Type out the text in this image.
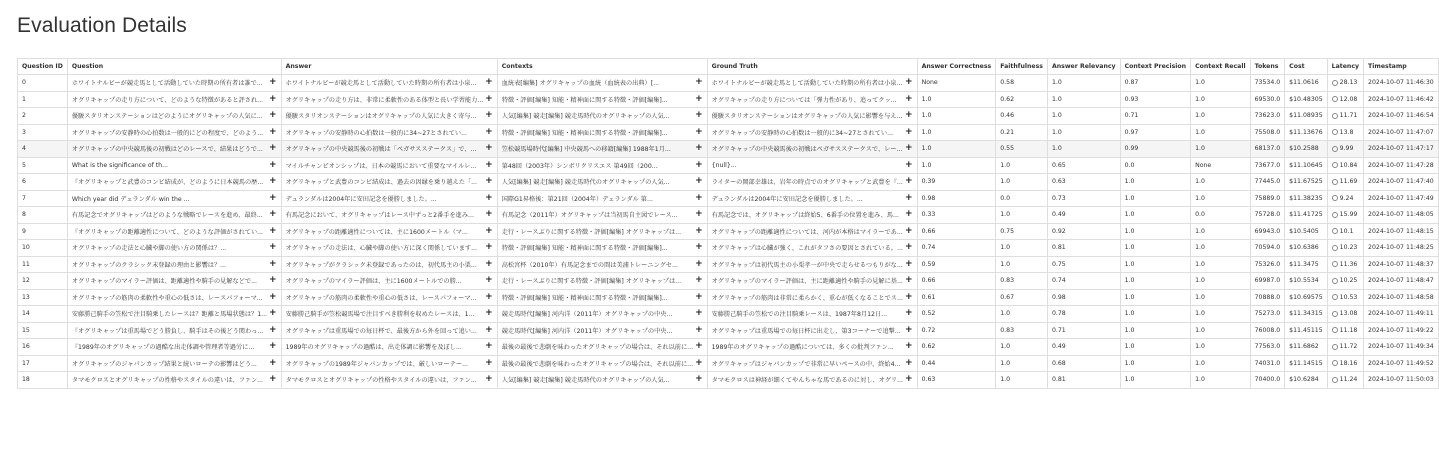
Evaluation Details
Question ID	Question	Answer	Contexts	Ground Truth	Answer Correctness	Faithfulness	Answer Relevancy	Context Precision	Context Recall	Tokens	Cost	Latency	Timestamp
0	ホワイトナルビーが競走馬として活動していた時期の所有者は誰で... +	ホワイトナルビーが競走馬として活動していた時期の所有者は小泉... +	血統表[編集] オグリキャップの血統（血統表の出典）[... +	ホワイトナルビーが競走馬として活動していた時期の所有者は小泉... +	None	0.58	1.0	0.87	1.0	73534.0	$11.0616	28.13	2024-10-07 11:46:30
1	オグリキャップの走り方について、どのような特徴があると評され... +	オグリキャップの走り方は、非常に柔軟性のある体型と長い学習能力... +	特徴・評価[編集] 知能・精神面に関する特徴・評価[編集]... +	オグリキャップの走り方については「弾力性があり、追ってクッ... +	1.0	0.62	1.0	0.93	1.0	69530.0	$10.48305	12.08	2024-10-07 11:46:42
2	優駿スタリオンステーションはどのようにオグリキャップの人気に... +	優駿スタリオンステーションはオグリキャップの人気に大きく寄与... +	人気[編集] 競走[編集] 競走馬時代のオグリキャップの人気... +	優駿スタリオンステーションはオグリキャップの人気に影響を与え... +	1.0	0.46	1.0	0.71	1.0	73623.0	$11.08935	11.71	2024-10-07 11:46:54
3	オグリキャップの安静時の心拍数は一般的にどの程度で、どのよう... +	オグリキャップの安静時の心拍数は一般的に34~27とされてい... +	特徴・評価[編集] 知能・精神面に関する特徴・評価[編集]... +	オグリキャップの安静時の心拍数は一般的に34~27とされてい... +	1.0	0.21	1.0	0.97	1.0	75508.0	$11.13676	13.8	2024-10-07 11:47:07
4	オグリキャップの中央競馬後の初戦はどのレースで、結果はどうで... +	オグリキャップの中央競馬後の初戦は「ペガサスステークス」で、... +	笠松競馬場時代[編集] 中央競馬への移籍[編集] 1988年1月... +	オグリキャップの中央競馬後の初戦はペガサスステークスで、レー... +	1.0	0.55	1.0	0.99	1.0	68137.0	$10.2588	9.99	2024-10-07 11:47:17
5	What is the significance of th... +	マイルチャンピオンシップは、日本の競馬において重要なマイルレ... +	第48回（2003年）シンボリクリスエス 第49回（200... +	{null}... +	1.0	1.0	0.65	0.0	None	73677.0	$11.10645	10.84	2024-10-07 11:47:28
6	『オグリキャップと武豊のコンビ結成が、どのように日本競馬の歴... +	オグリキャップと武豊のコンビ結成は、過去の因縁を乗り越えた「... +	人気[編集] 競走[編集] 競走馬時代のオグリキャップの人気... +	ライターの岡部幸雄は、岩年の時点でのオグリキャップと武豊を『... +	0.39	1.0	0.63	1.0	1.0	77445.0	$11.67525	11.69	2024-10-07 11:47:40
7	Which year did デュランダル win the ... +	デュランダルは2004年に安田記念を優勝しました。... +	国際G1昇格後：第21回（2004年）デュランダル 第... +	デュランダルは2004年に安田記念を優勝しました。... +	0.98	0.0	0.73	1.0	1.0	75889.0	$11.38235	9.24	2024-10-07 11:47:49
8	有馬記念でオグリキャップはどのような戦略でレースを進め、最終... +	有馬記念において、オグリキャップはレース中ずっと2番手を進み... +	有馬記念（2011年）オグリキャップは当初馬自主図でレース... +	有馬記念では、オグリキャップは終始5、6番手の位置を進み、馬... +	0.33	1.0	0.49	1.0	0.0	75728.0	$11.41725	15.99	2024-10-07 11:48:05
9	『オグリキャップの距離適性について、どのような評価がされてい... +	オグリキャップの距離適性については、主に1600メートル（マ... +	走行・レースぶりに関する特徴・評価[編集] オグリキャップは... +	オグリキャップの距離適性については、河内が本格はマイラーであ... +	0.66	0.75	0.92	1.0	1.0	69943.0	$10.5405	10.1	2024-10-07 11:48:15
10	オグリキャップの走法と心臓や脚の使い方の関係は？... +	オグリキャップの走法は、心臓や脚の使い方に深く関係しています... +	特徴・評価[編集] 知能・精神面に関する特徴・評価[編集]... +	オグリキャップは心臓が強く、これがタフさの要因とされている。... +	0.74	1.0	0.81	1.0	1.0	70594.0	$10.6386	10.23	2024-10-07 11:48:25
11	オグリキャップのクラシック未登録の理由と影響は？... +	オグリキャップがクラシック未登録であったのは、初代馬主の小栗... +	高松宮杯（2010年）有馬記念までの間は美浦トレーニングセ... +	オグリキャップは初代馬主の小栗孝一が中央で走らせるつもりがな... +	0.59	1.0	0.75	1.0	1.0	75326.0	$11.3475	11.36	2024-10-07 11:48:37
12	オグリキャップのマイラー評価は、距離適性や騎手の見解などで... +	オグリキャップのマイラー評価は、主に1600メートルでの勝... +	走行・レースぶりに関する特徴・評価[編集] オグリキャップは... +	オグリキャップのマイラー評価は、主に距離適性や騎手の見解に基... +	0.66	0.83	0.74	1.0	1.0	69987.0	$10.5534	10.25	2024-10-07 11:48:47
13	オグリキャップの筋肉の柔軟性や重心の低さは、レースパフォーマ... +	オグリキャップの筋肉の柔軟性や重心の低さは、レースパフォーマ... +	特徴・評価[編集] 知能・精神面に関する特徴・評価[編集]... +	オグリキャップの筋肉は非常に柔らかく、重心が低くなることでス... +	0.61	0.67	0.98	1.0	1.0	70888.0	$10.69575	10.53	2024-10-07 11:48:58
14	安藤勝己騎手の笠松で注目騎乗したレースは？距離と馬場状態は？1... +	安藤勝己騎手が笠松競馬場で注目すべき勝利を収めたレースは、1... +	競走馬時代[編集] 河内洋（2011年）オグリキャップの中央... +	安藤勝己騎手の笠松での注目騎乗レースは、1987年8月12日... +	0.52	1.0	0.78	1.0	1.0	75273.0	$11.34315	13.08	2024-10-07 11:49:11
15	『オグリキャップは重馬場でどう勝負し、騎手はその後どう関わっ... +	オグリキャップは重馬場での毎日杯で、最後方から外を回って追い... +	競走馬時代[編集] 河内洋（2011年）オグリキャップの中央... +	オグリキャップは重馬場での毎日杯に出走し、第3コーナーで追撃... +	0.72	0.83	0.71	1.0	1.0	76008.0	$11.45115	11.18	2024-10-07 11:49:22
16	『1989年のオグリキャップの過酷な出走体調や管理者等過労に... +	1989年のオグリキャップの過酷は、出走体調に影響を及ぼし... +	最後の最後で悲劇を味わったオグリキャップの場合は、それ以前に... +	1989年のオグリキャップの過酷については、多くの批判ファン... +	0.62	1.0	0.49	1.0	1.0	77563.0	$11.6862	11.72	2024-10-07 11:49:34
17	オグリキャップのジャパンカップ結果と続いローテの影響はどう... +	オグリキャップの1989年ジャパンカップでは、厳しいローテー... +	最後の最後で悲劇を味わったオグリキャップの場合は、それ以前に... +	オグリキャップはジャパンカップで非常に早いペースの中、終始4... +	0.44	1.0	0.68	1.0	1.0	74031.0	$11.14515	18.16	2024-10-07 11:49:52
18	タマモクロスとオグリキャップの性格やスタイルの違いは、ファン... +	タマモクロスとオグリキャップの性格やスタイルの違いは、ファン... +	人気[編集] 競走[編集] 競走馬時代のオグリキャップの人気... +	タマモクロスは神経が細くてやんちゃな馬であるのに対し、オグリ... +	0.63	1.0	0.81	1.0	1.0	70400.0	$10.6284	11.24	2024-10-07 11:50:03
